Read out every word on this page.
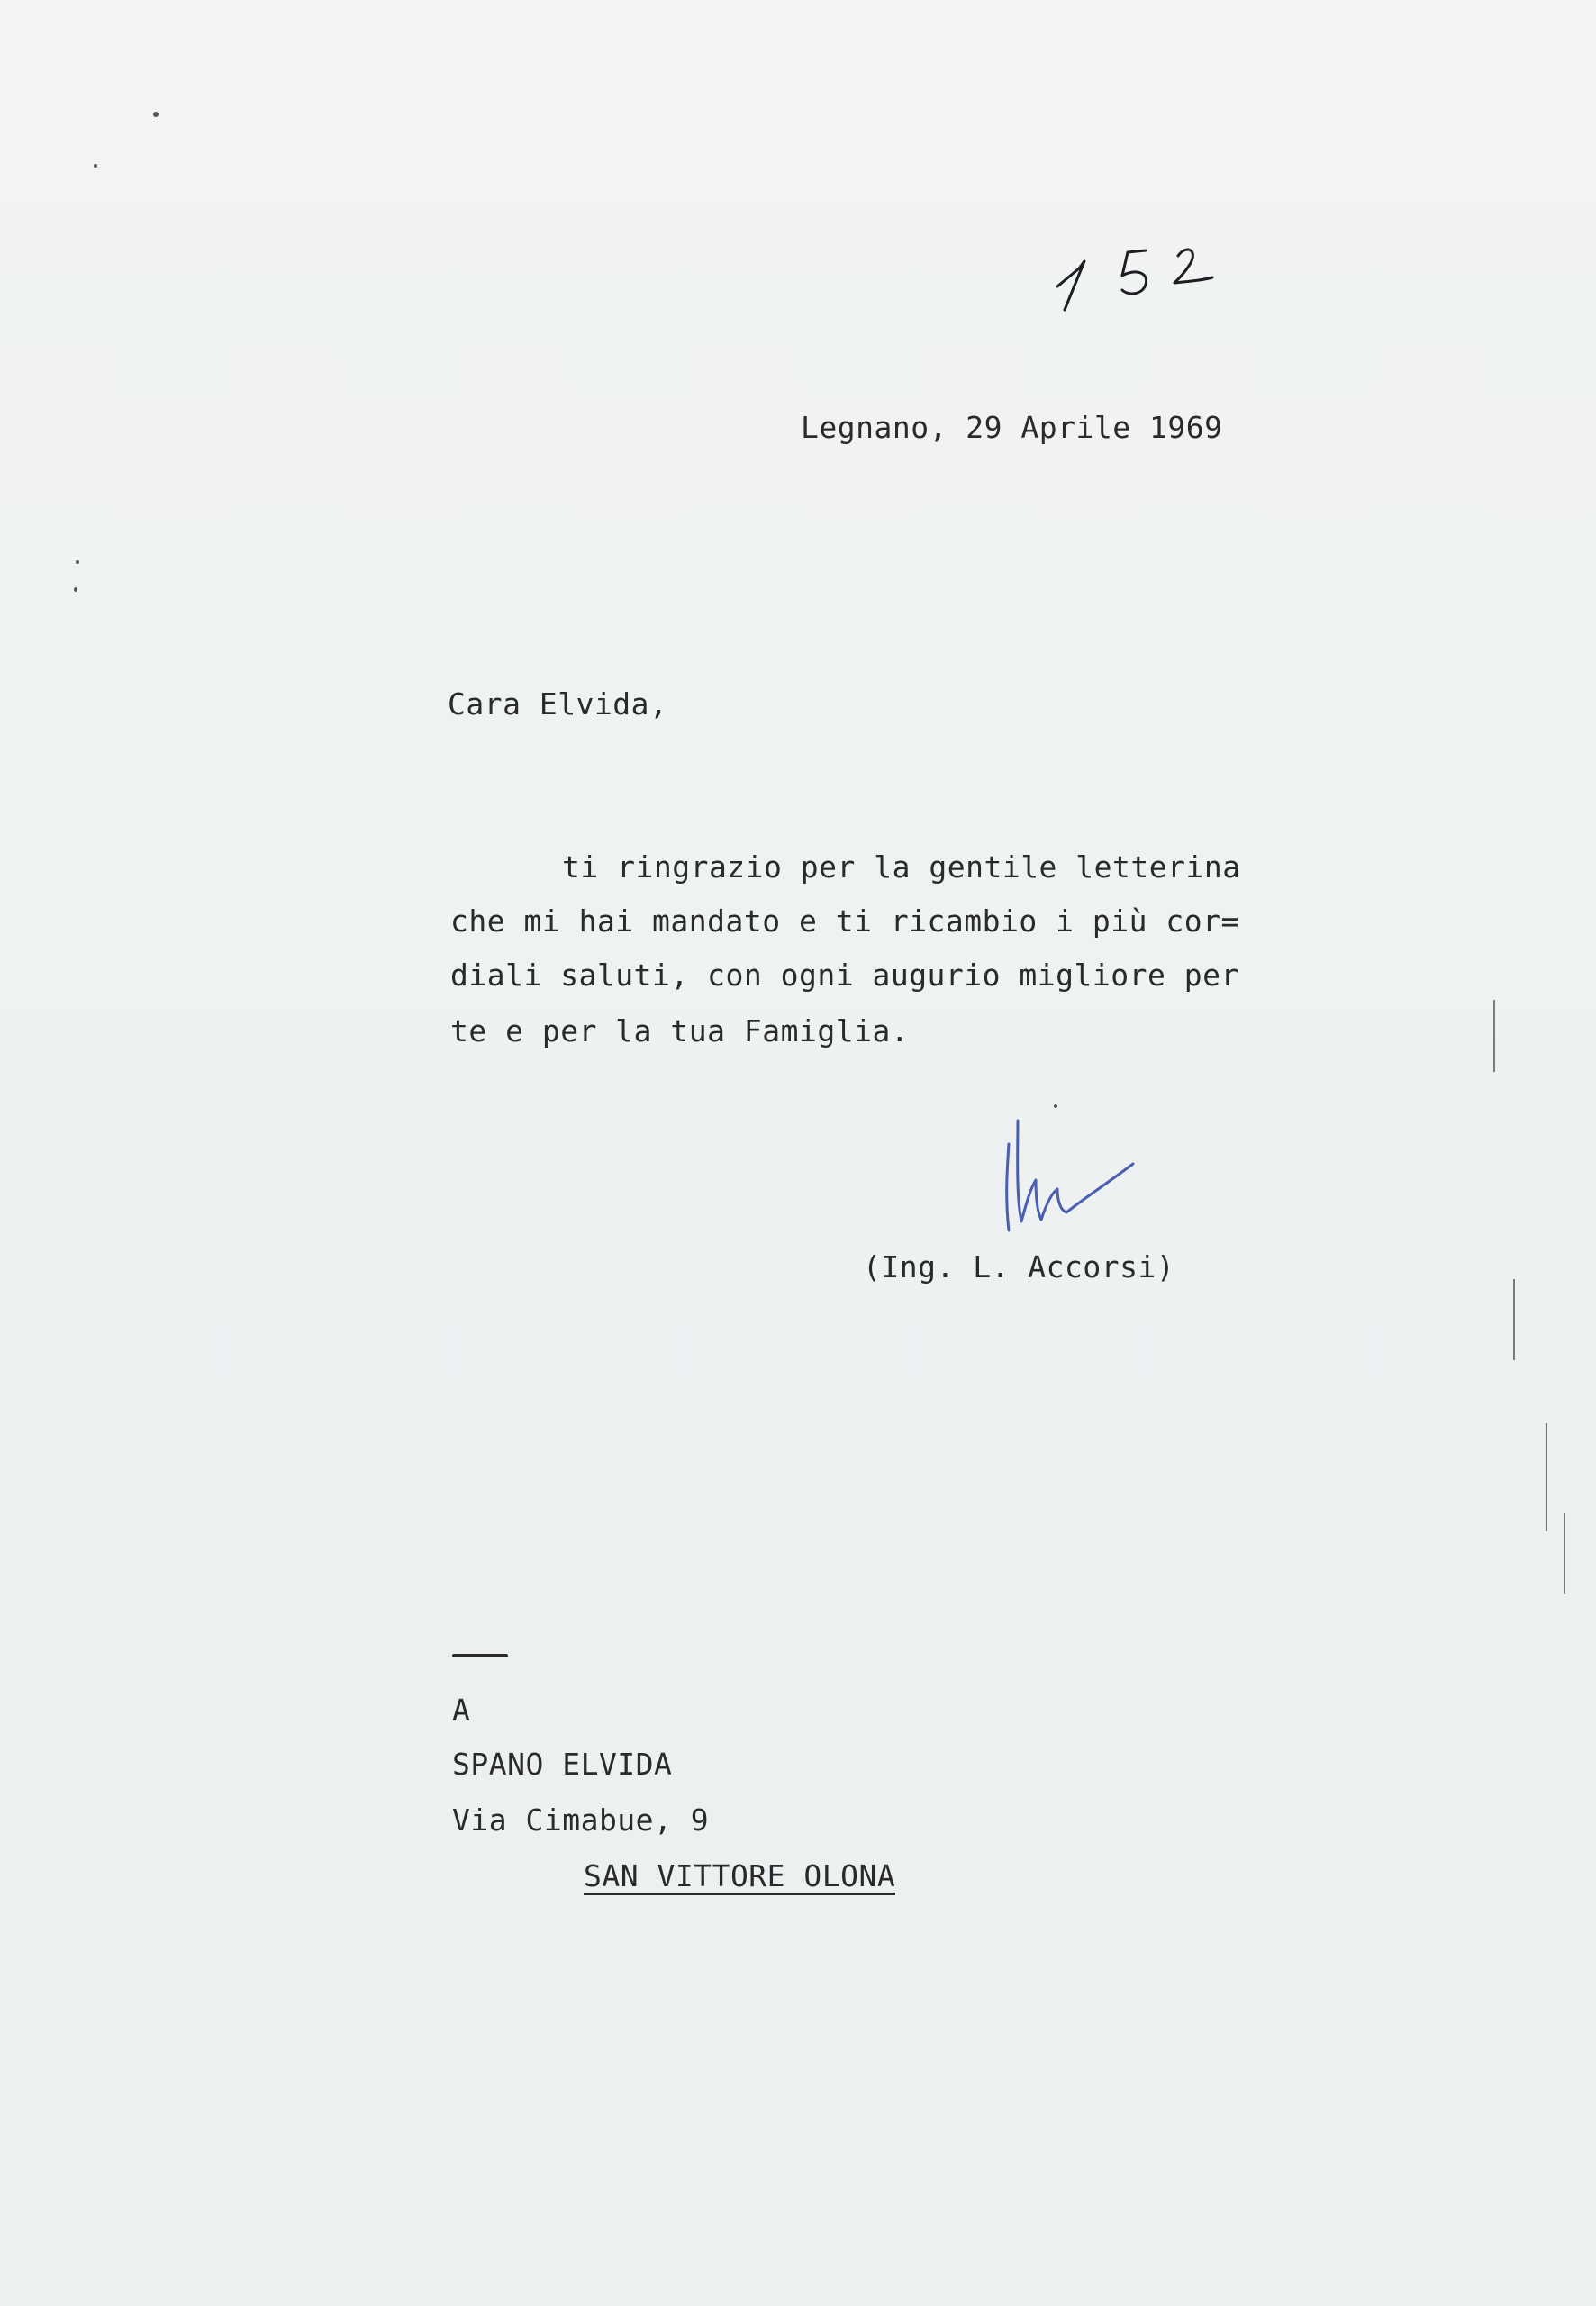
Legnano, 29 Aprile 1969
Cara Elvida,
ti ringrazio per la gentile letterina
che mi hai mandato e ti ricambio i più cor=
diali saluti, con ogni augurio migliore per
te e per la tua Famiglia.
(Ing. L. Accorsi)
A
SPANO ELVIDA
Via Cimabue, 9
SAN VITTORE OLONA
